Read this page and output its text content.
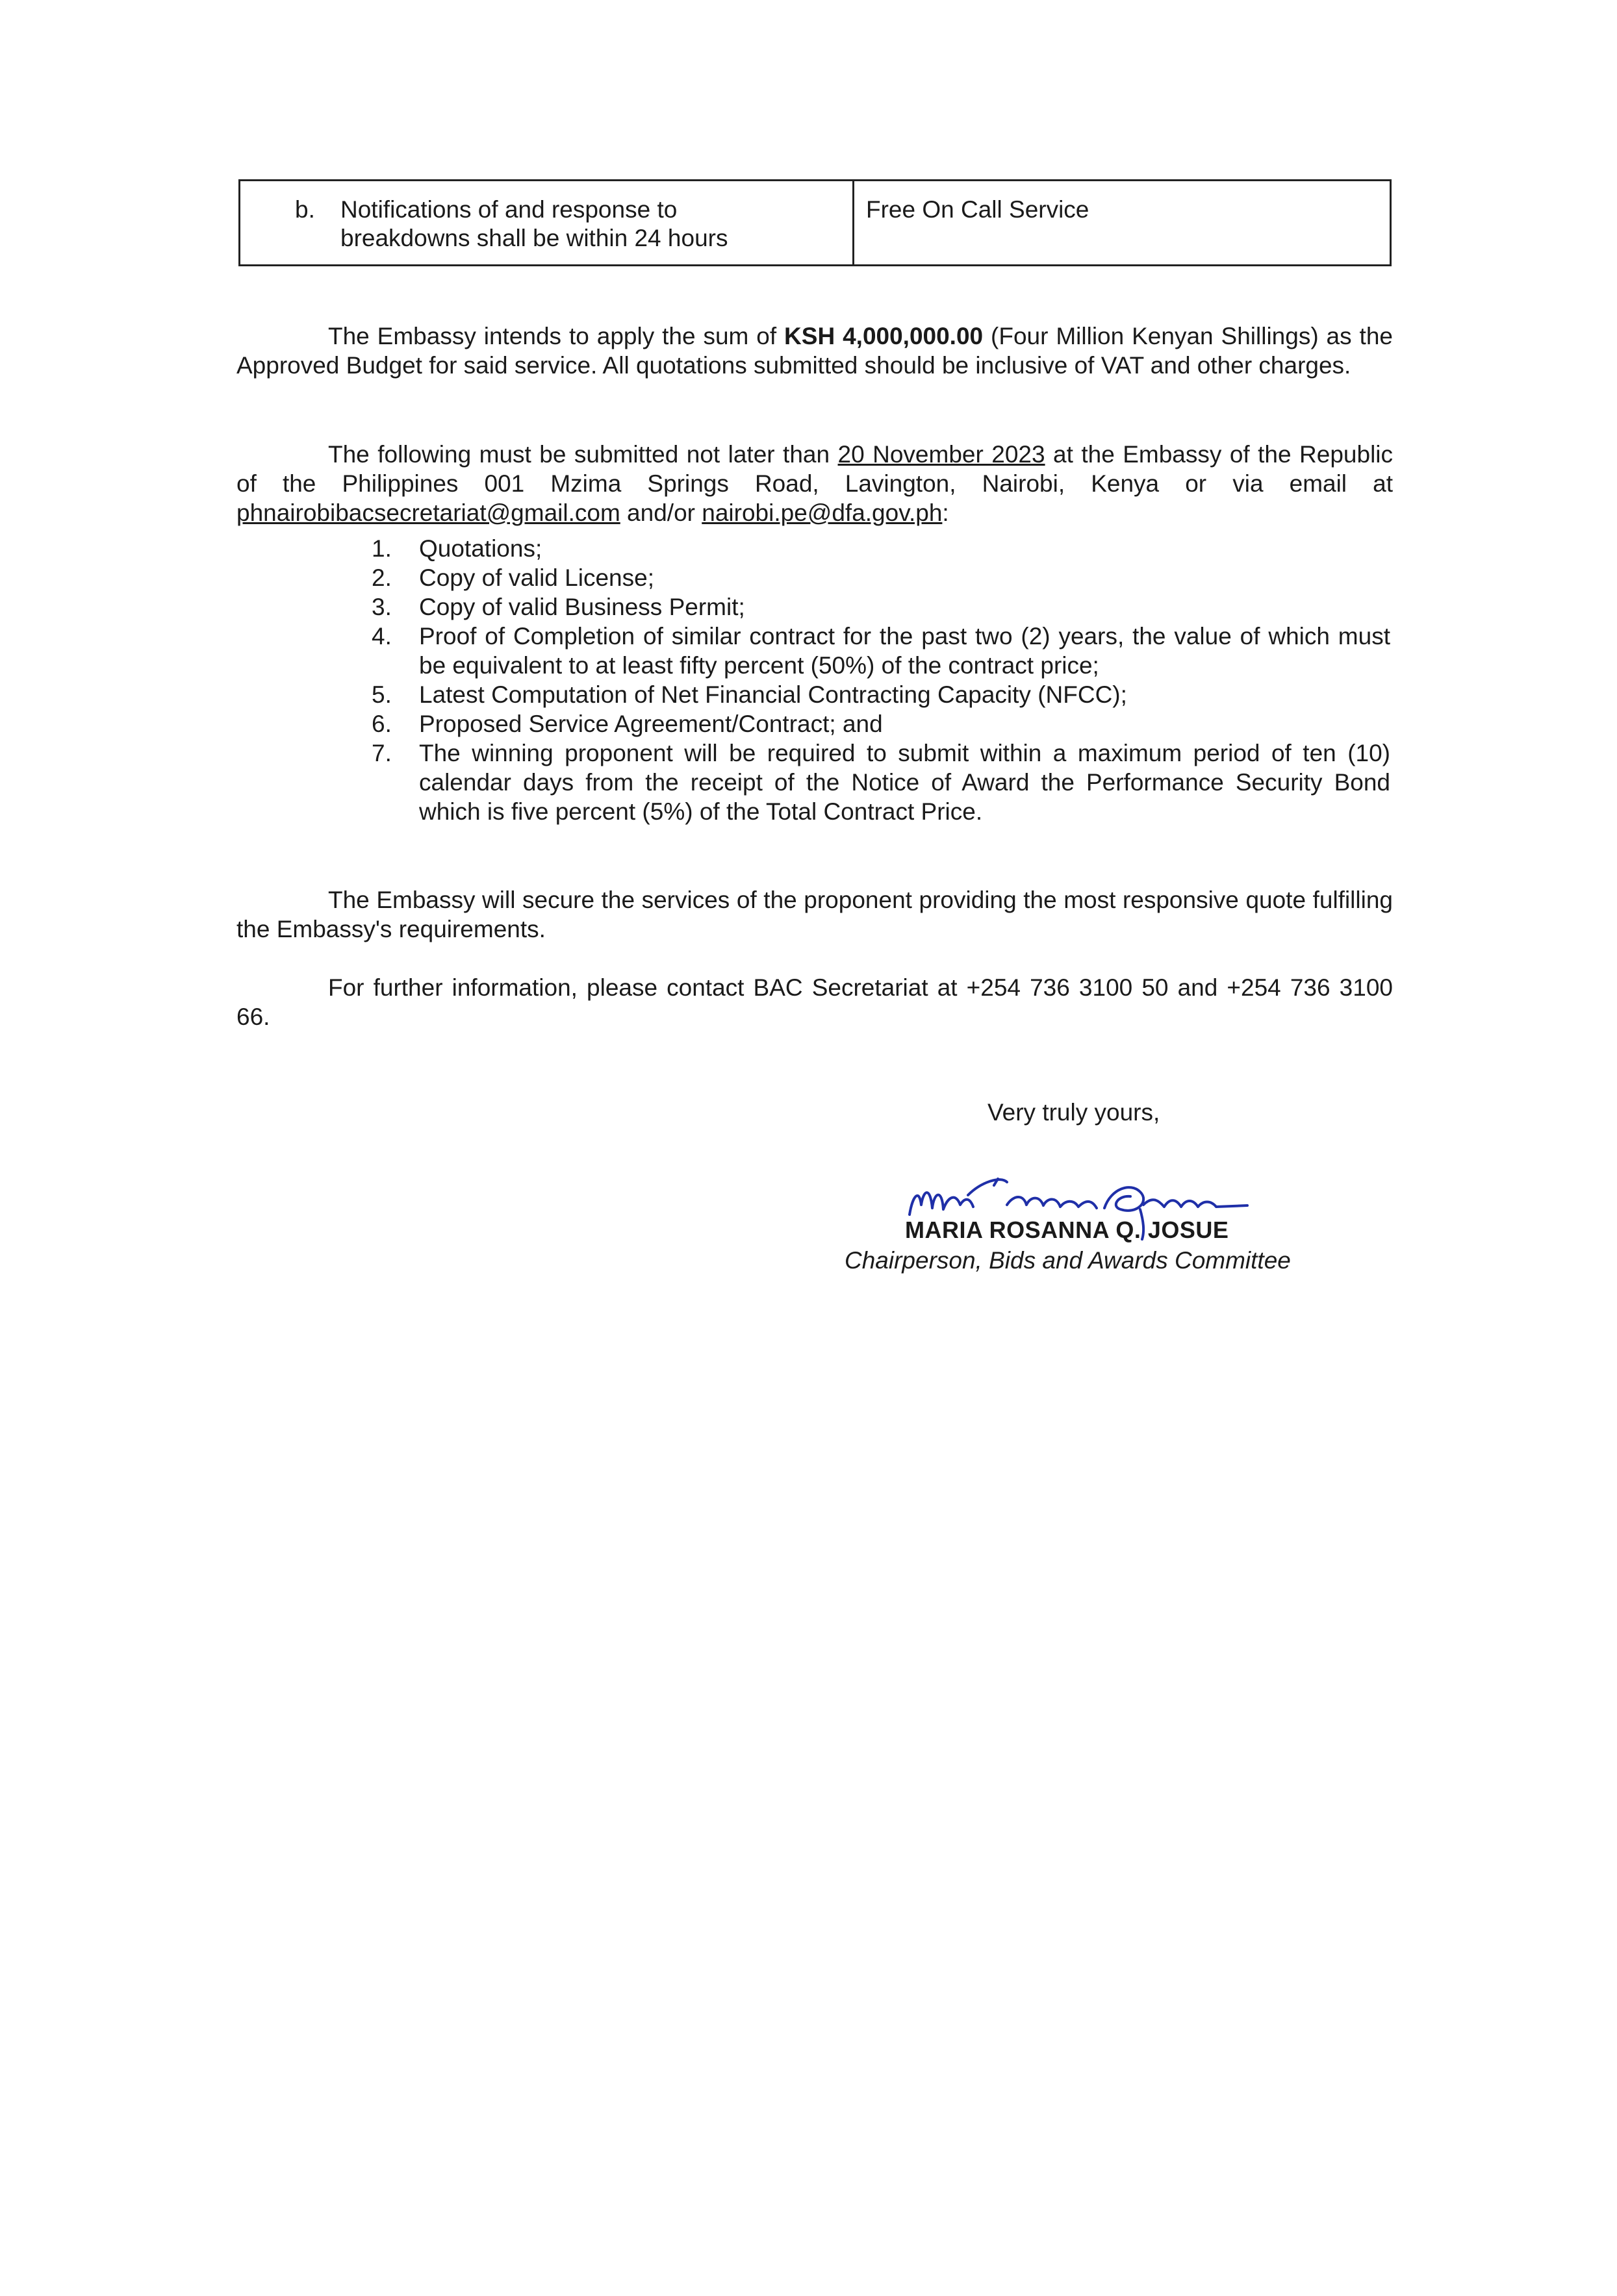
b. Notifications of and response to breakdowns shall be within 24 hours	Free On Call Service

The Embassy intends to apply the sum of KSH 4,000,000.00 (Four Million Kenyan Shillings) as the Approved Budget for said service. All quotations submitted should be inclusive of VAT and other charges.

The following must be submitted not later than 20 November 2023 at the Embassy of the Republic of the Philippines 001 Mzima Springs Road, Lavington, Nairobi, Kenya or via email at phnairobibacsecretariat@gmail.com and/or nairobi.pe@dfa.gov.ph:

1. Quotations;
2. Copy of valid License;
3. Copy of valid Business Permit;
4. Proof of Completion of similar contract for the past two (2) years, the value of which must be equivalent to at least fifty percent (50%) of the contract price;
5. Latest Computation of Net Financial Contracting Capacity (NFCC);
6. Proposed Service Agreement/Contract; and
7. The winning proponent will be required to submit within a maximum period of ten (10) calendar days from the receipt of the Notice of Award the Performance Security Bond which is five percent (5%) of the Total Contract Price.

The Embassy will secure the services of the proponent providing the most responsive quote fulfilling the Embassy's requirements.

For further information, please contact BAC Secretariat at +254 736 3100 50 and +254 736 3100 66.

Very truly yours,
MARIA ROSANNA Q. JOSUE
Chairperson, Bids and Awards Committee
